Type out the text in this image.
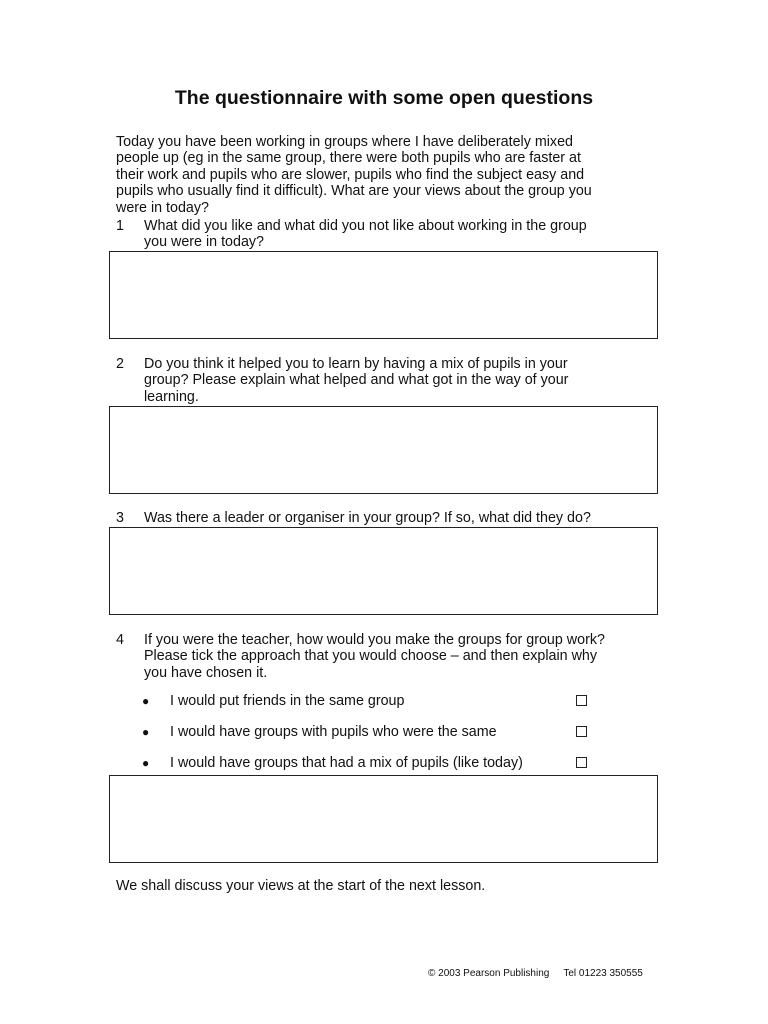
The questionnaire with some open questions
Today you have been working in groups where I have deliberately mixed
people up (eg in the same group, there were both pupils who are faster at
their work and pupils who are slower, pupils who find the subject easy and
pupils who usually find it difficult). What are your views about the group you
were in today?
1 What did you like and what did you not like about working in the group
you were in today?
2 Do you think it helped you to learn by having a mix of pupils in your
group? Please explain what helped and what got in the way of your
learning.
3 Was there a leader or organiser in your group? If so, what did they do?
4 If you were the teacher, how would you make the groups for group work?
Please tick the approach that you would choose – and then explain why
you have chosen it.
● I would put friends in the same group
● I would have groups with pupils who were the same
● I would have groups that had a mix of pupils (like today)
We shall discuss your views at the start of the next lesson.
© 2003 Pearson Publishing Tel 01223 350555
